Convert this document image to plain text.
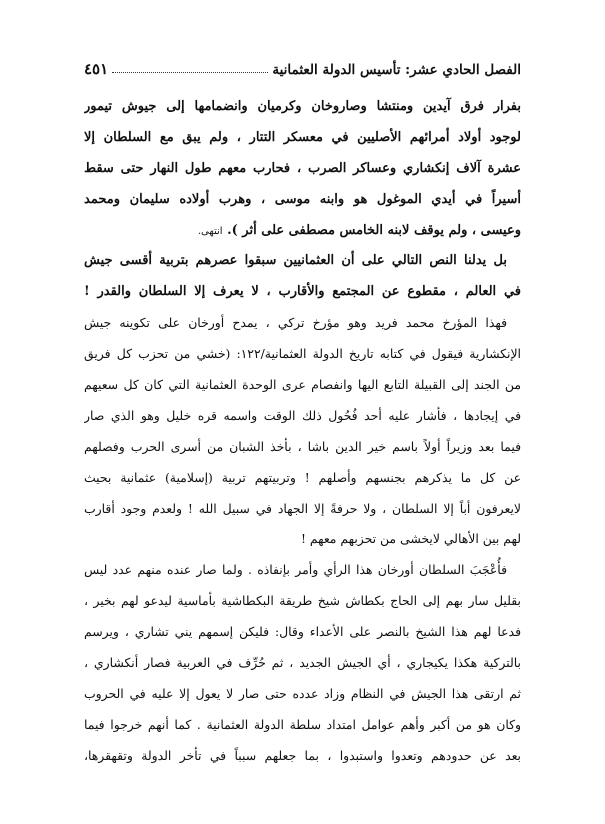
الفصل الحادي عشر: تأسيس الدولة العثمانية
٤٥١
بفرار فرق آيدين ومنتشا وصاروخان وكرميان وانضمامها إلى جيوش تيمور
لوجود أولاد أمرائهم الأصليين في معسكر التتار ، ولم يبق مع السلطان إلا
عشرة آلاف إنكشاري وعساكر الصرب ، فحارب معهم طول النهار حتى سقط
أسيراً في أيدي الموغول هو وابنه موسى ، وهرب أولاده سليمان ومحمد
وعيسى ، ولم يوقف لابنه الخامس مصطفى على أثر ). انتهى.
بل يدلنا النص التالي على أن العثمانيين سبقوا عصرهم بتربية أقسى جيش
في العالم ، مقطوع عن المجتمع والأقارب ، لا يعرف إلا السلطان والقدر !
فهذا المؤرخ محمد فريد وهو مؤرخ تركي ، يمدح أورخان على تكوينه جيش
الإنكشارية فيقول في كتابه تاريخ الدولة العثمانية/١٢٢: (خشي من تحزب كل فريق
من الجند إلى القبيلة التابع اليها وانفصام عرى الوحدة العثمانية التي كان كل سعيهم
في إيجادها ، فأشار عليه أحد فُحُول ذلك الوقت واسمه قره خليل وهو الذي صار
فيما بعد وزيراً أولاً باسم خير الدين باشا ، بأخذ الشبان من أسرى الحرب وفصلهم
عن كل ما يذكرهم بجنسهم وأصلهم ! وتربيتهم تربية (إسلامية) عثمانية بحيث
لايعرفون أباً إلا السلطان ، ولا حرفةً إلا الجهاد في سبيل الله ! ولعدم وجود أقارب
لهم بين الأهالي لايخشى من تحزبهم معهم !
فأُعْجَبَ السلطان أورخان هذا الرأي وأمر بإنفاذه . ولما صار عنده منهم عدد ليس
بقليل سار بهم إلى الحاج بكطاش شيخ طريقة البكطاشية بأماسية ليدعو لهم بخير ،
فدعا لهم هذا الشيخ بالنصر على الأعداء وقال: فليكن إسمهم يني تشاري ، ويرسم
بالتركية هكذا يكيجاري ، أي الجيش الجديد ، ثم حُرِّف في العربية فصار أنكشاري ،
ثم ارتقى هذا الجيش في النظام وزاد عدده حتى صار لا يعول إلا عليه في الحروب
وكان هو من أكبر وأهم عوامل امتداد سلطة الدولة العثمانية . كما أنهم خرجوا فيما
بعد عن حدودهم وتعدوا واستبدوا ، بما جعلهم سبباً في تأخر الدولة وتقهقرها،
